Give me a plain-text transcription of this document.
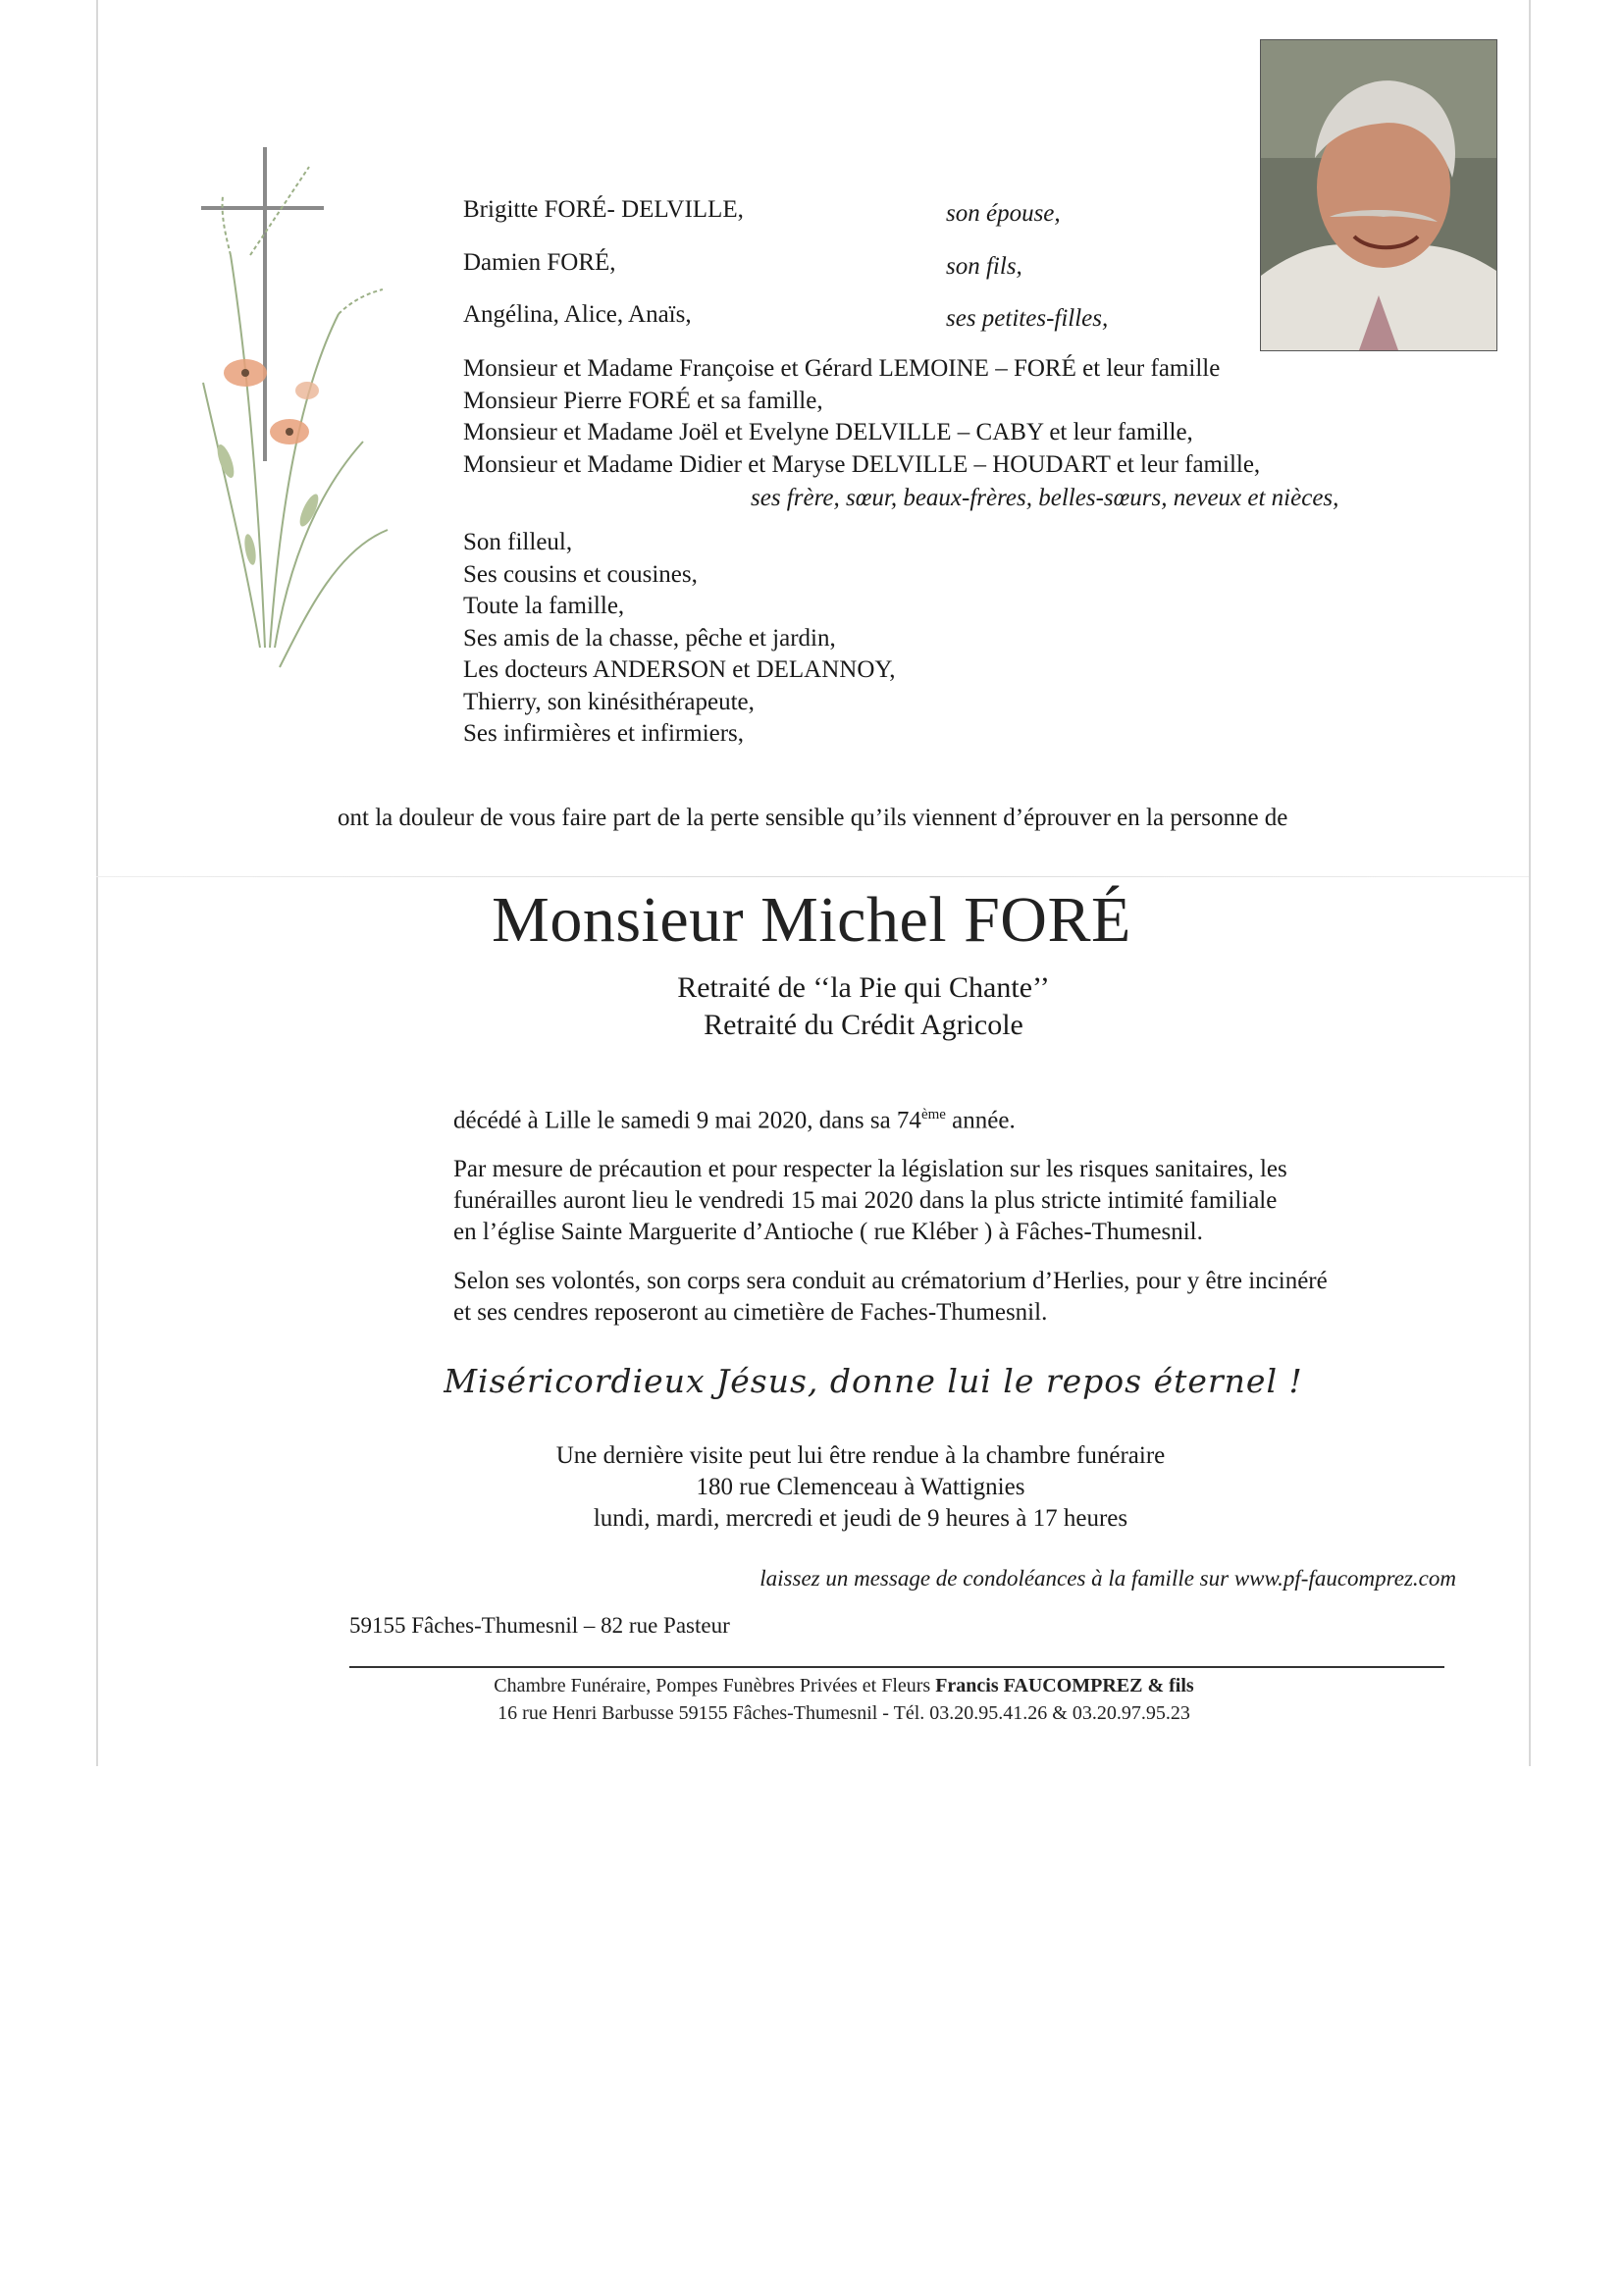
Brigitte FORÉ- DELVILLE,	son épouse,
Damien FORÉ,	son fils,
Angélina, Alice, Anaïs,	ses petites-filles,
Monsieur et Madame Françoise et Gérard LEMOINE – FORÉ et leur famille
Monsieur Pierre FORÉ et sa famille,
Monsieur et Madame Joël et Evelyne DELVILLE – CABY et leur famille,
Monsieur et Madame Didier et Maryse DELVILLE – HOUDART et leur famille,
ses frère, sœur, beaux-frères, belles-sœurs, neveux et nièces,
Son filleul,
Ses cousins et cousines,
Toute la famille,
Ses amis de la chasse, pêche et jardin,
Les docteurs ANDERSON et DELANNOY,
Thierry, son kinésithérapeute,
Ses infirmières et infirmiers,
ont la douleur de vous faire part de la perte sensible qu’ils viennent d’éprouver en la personne de
Monsieur Michel FORÉ
Retraité de ‘‘la Pie qui Chante’’
Retraité du Crédit Agricole
décédé à Lille le samedi 9 mai 2020, dans sa 74ème année.
Par mesure de précaution et pour respecter la législation sur les risques sanitaires, les
funérailles auront lieu le vendredi 15 mai 2020 dans la plus stricte intimité familiale
en l’église Sainte Marguerite d’Antioche ( rue Kléber ) à Fâches-Thumesnil.
Selon ses volontés, son corps sera conduit au crématorium d’Herlies, pour y être incinéré
et ses cendres reposeront au cimetière de Faches-Thumesnil.
Miséricordieux Jésus, donne lui le repos éternel !
Une dernière visite peut lui être rendue à la chambre funéraire
180 rue Clemenceau à Wattignies
lundi, mardi, mercredi et jeudi de 9 heures à 17 heures
laissez un message de condoléances à la famille sur www.pf-faucomprez.com
59155 Fâches-Thumesnil – 82 rue Pasteur
Chambre Funéraire, Pompes Funèbres Privées et Fleurs Francis FAUCOMPREZ & fils
16 rue Henri Barbusse 59155 Fâches-Thumesnil - Tél. 03.20.95.41.26 & 03.20.97.95.23
